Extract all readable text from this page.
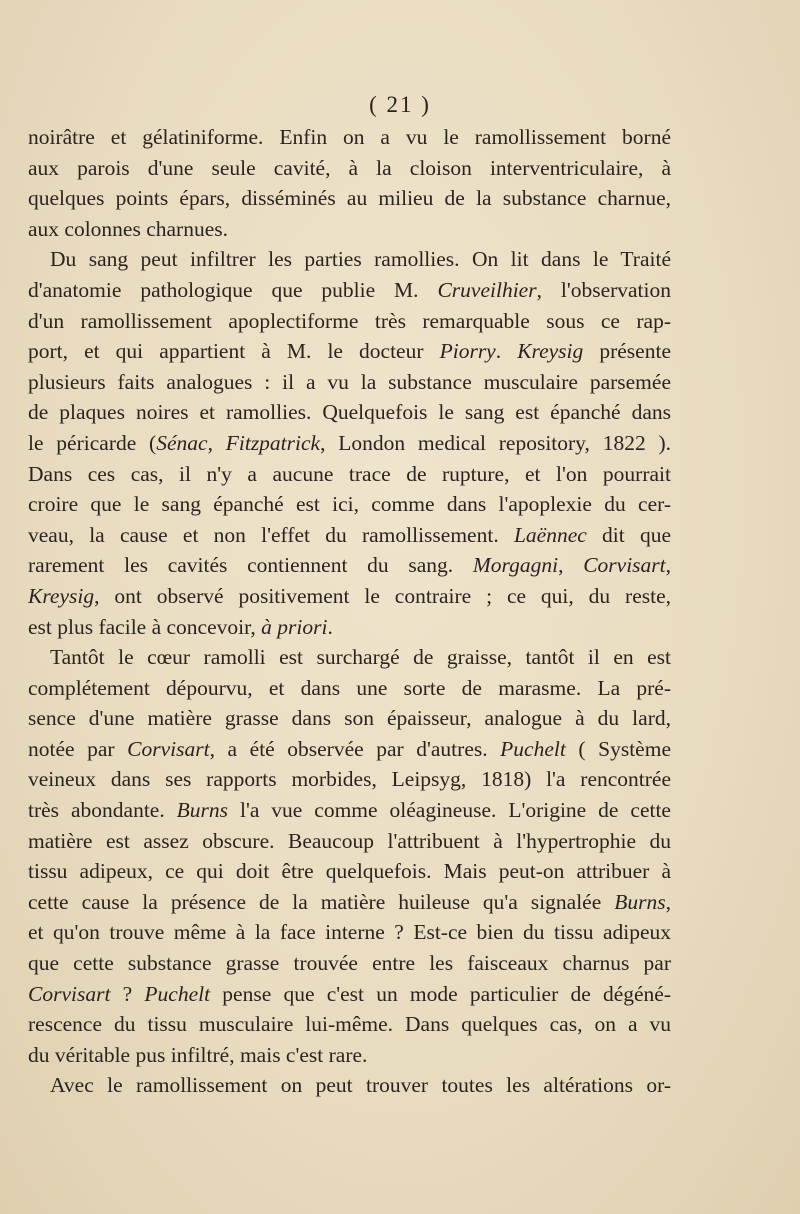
( 21 )
noirâtre et gélatiniforme. Enfin on a vu le ramollissement borné
aux parois d'une seule cavité, à la cloison interventriculaire, à
quelques points épars, disséminés au milieu de la substance charnue,
aux colonnes charnues.
Du sang peut infiltrer les parties ramollies. On lit dans le Traité
d'anatomie pathologique que publie M. Cruveilhier, l'observation
d'un ramollissement apoplectiforme très remarquable sous ce rap-
port, et qui appartient à M. le docteur Piorry. Kreysig présente
plusieurs faits analogues : il a vu la substance musculaire parsemée
de plaques noires et ramollies. Quelquefois le sang est épanché dans
le péricarde (Sénac, Fitzpatrick, London medical repository, 1822 ).
Dans ces cas, il n'y a aucune trace de rupture, et l'on pourrait
croire que le sang épanché est ici, comme dans l'apoplexie du cer-
veau, la cause et non l'effet du ramollissement. Laënnec dit que
rarement les cavités contiennent du sang. Morgagni, Corvisart,
Kreysig, ont observé positivement le contraire ; ce qui, du reste,
est plus facile à concevoir, à priori.
Tantôt le cœur ramolli est surchargé de graisse, tantôt il en est
complétement dépourvu, et dans une sorte de marasme. La pré-
sence d'une matière grasse dans son épaisseur, analogue à du lard,
notée par Corvisart, a été observée par d'autres. Puchelt ( Système
veineux dans ses rapports morbides, Leipsyg, 1818) l'a rencontrée
très abondante. Burns l'a vue comme oléagineuse. L'origine de cette
matière est assez obscure. Beaucoup l'attribuent à l'hypertrophie du
tissu adipeux, ce qui doit être quelquefois. Mais peut-on attribuer à
cette cause la présence de la matière huileuse qu'a signalée Burns,
et qu'on trouve même à la face interne ? Est-ce bien du tissu adipeux
que cette substance grasse trouvée entre les faisceaux charnus par
Corvisart ? Puchelt pense que c'est un mode particulier de dégéné-
rescence du tissu musculaire lui-même. Dans quelques cas, on a vu
du véritable pus infiltré, mais c'est rare.
Avec le ramollissement on peut trouver toutes les altérations or-
